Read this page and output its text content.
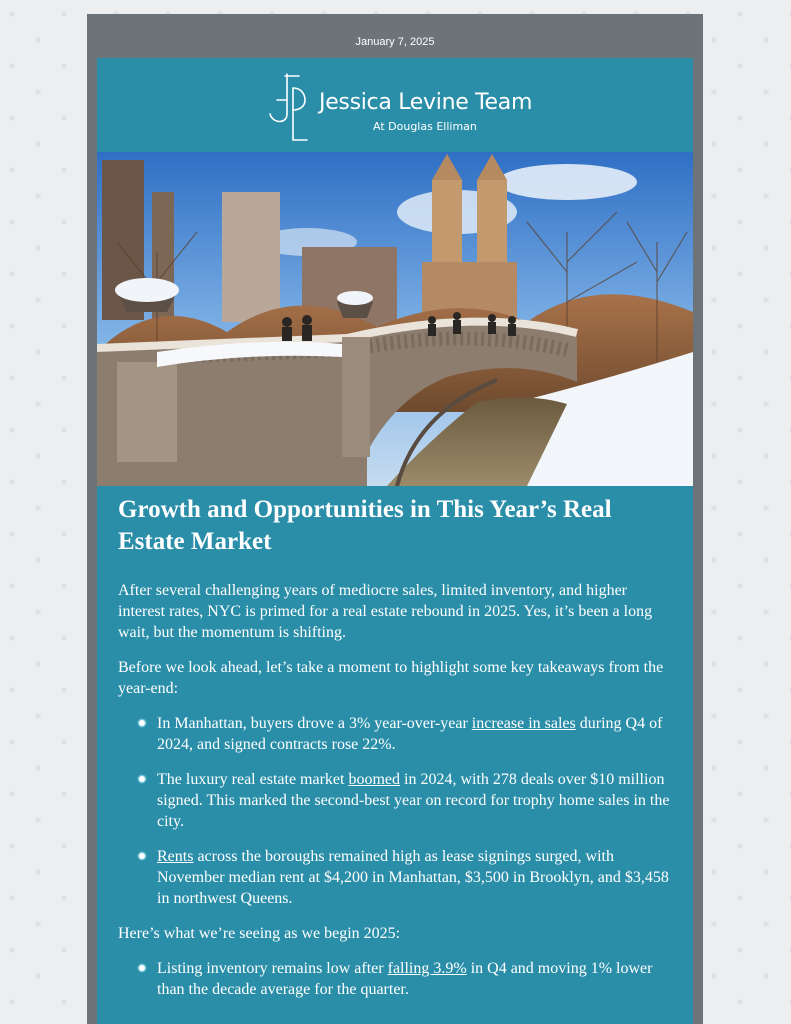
January 7, 2025
Jessica Levine Team
At Douglas Elliman
Growth and Opportunities in This Year’s Real Estate Market

After several challenging years of mediocre sales, limited inventory, and higher interest rates, NYC is primed for a real estate rebound in 2025. Yes, it’s been a long wait, but the momentum is shifting.

Before we look ahead, let’s take a moment to highlight some key takeaways from the year-end:

In Manhattan, buyers drove a 3% year-over-year increase in sales during Q4 of 2024, and signed contracts rose 22%.
The luxury real estate market boomed in 2024, with 278 deals over $10 million signed. This marked the second-best year on record for trophy home sales in the city.
Rents across the boroughs remained high as lease signings surged, with November median rent at $4,200 in Manhattan, $3,500 in Brooklyn, and $3,458 in northwest Queens.

Here’s what we’re seeing as we begin 2025:

Listing inventory remains low after falling 3.9% in Q4 and moving 1% lower than the decade average for the quarter.
